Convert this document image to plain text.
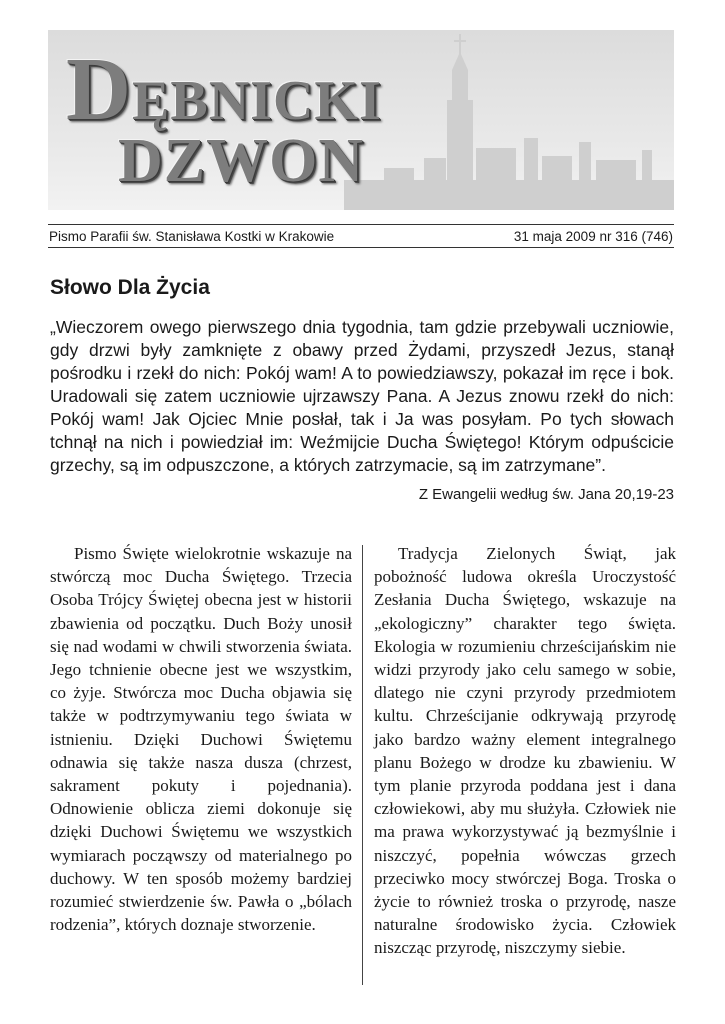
DĘBNICKI
DZWON
Pismo Parafii św. Stanisława Kostki w Krakowie	31 maja 2009 nr 316 (746)
Słowo Dla Życia
„Wieczorem owego pierwszego dnia tygodnia, tam gdzie przebywali uczniowie, gdy drzwi były zamknięte z obawy przed Żydami, przyszedł Jezus, stanął pośrodku i rzekł do nich: Pokój wam! A to powiedziawszy, pokazał im ręce i bok. Uradowali się zatem uczniowie ujrzawszy Pana. A Jezus znowu rzekł do nich: Pokój wam! Jak Ojciec Mnie posłał, tak i Ja was posyłam. Po tych słowach tchnął na nich i powiedział im: Weźmijcie Ducha Świętego! Którym odpuścicie grzechy, są im odpuszczone, a których zatrzymacie, są im zatrzymane”.
Z Ewangelii według św. Jana 20,19-23
Pismo Święte wielokrotnie wskazuje na stwórczą moc Ducha Świętego. Trzecia Osoba Trójcy Świętej obecna jest w historii zbawienia od początku. Duch Boży unosił się nad wodami w chwili stworzenia świata. Jego tchnienie obecne jest we wszystkim, co żyje. Stwórcza moc Ducha objawia się także w podtrzymywaniu tego świata w istnieniu. Dzięki Duchowi Świętemu odnawia się także nasza dusza (chrzest, sakrament pokuty i pojednania). Odnowienie oblicza ziemi dokonuje się dzięki Duchowi Świętemu we wszystkich wymiarach począwszy od materialnego po duchowy. W ten sposób możemy bardziej rozumieć stwierdzenie św. Pawła o „bólach rodzenia”, których doznaje stworzenie.
Tradycja Zielonych Świąt, jak pobożność ludowa określa Uroczystość Zesłania Ducha Świętego, wskazuje na „ekologiczny” charakter tego święta. Ekologia w rozumieniu chrześcijańskim nie widzi przyrody jako celu samego w sobie, dlatego nie czyni przyrody przedmiotem kultu. Chrześcijanie odkrywają przyrodę jako bardzo ważny element integralnego planu Bożego w drodze ku zbawieniu. W tym planie przyroda poddana jest i dana człowiekowi, aby mu służyła. Człowiek nie ma prawa wykorzystywać ją bezmyślnie i niszczyć, popełnia wówczas grzech przeciwko mocy stwórczej Boga. Troska o życie to również troska o przyrodę, nasze naturalne środowisko życia. Człowiek niszcząc przyrodę, niszczymy siebie.
